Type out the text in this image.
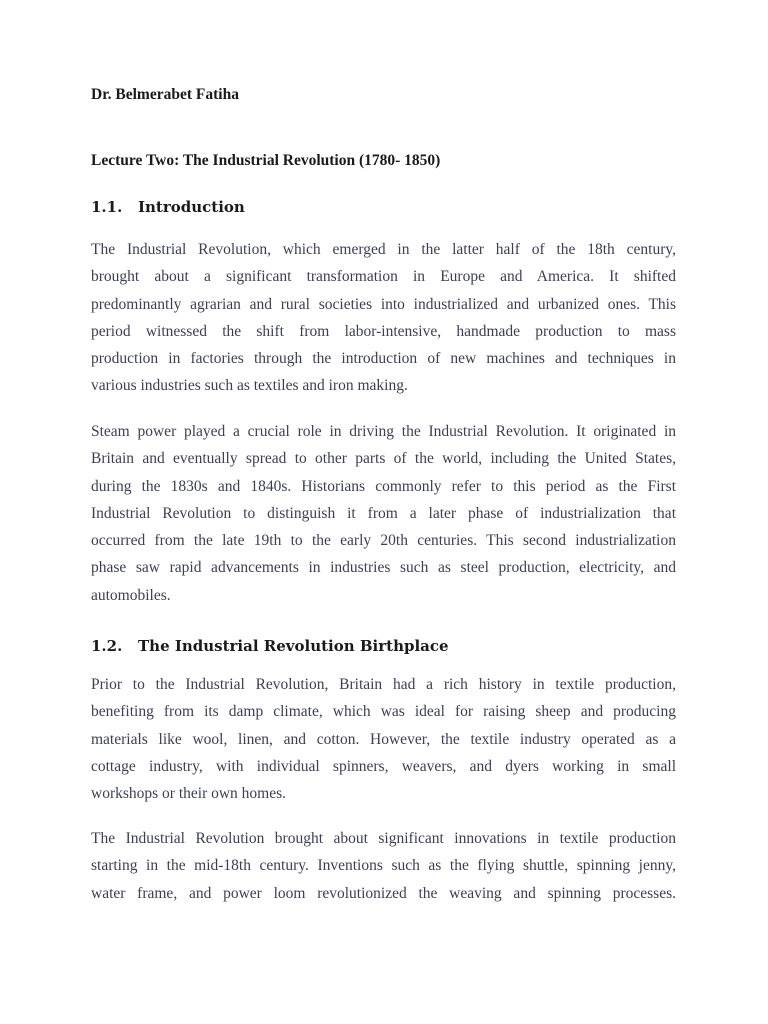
Dr. Belmerabet Fatiha
Lecture Two: The Industrial Revolution (1780- 1850)
1.1. Introduction
The Industrial Revolution, which emerged in the latter half of the 18th century,
brought about a significant transformation in Europe and America. It shifted
predominantly agrarian and rural societies into industrialized and urbanized ones. This
period witnessed the shift from labor-intensive, handmade production to mass
production in factories through the introduction of new machines and techniques in
various industries such as textiles and iron making.
Steam power played a crucial role in driving the Industrial Revolution. It originated in
Britain and eventually spread to other parts of the world, including the United States,
during the 1830s and 1840s. Historians commonly refer to this period as the First
Industrial Revolution to distinguish it from a later phase of industrialization that
occurred from the late 19th to the early 20th centuries. This second industrialization
phase saw rapid advancements in industries such as steel production, electricity, and
automobiles.
1.2. The Industrial Revolution Birthplace
Prior to the Industrial Revolution, Britain had a rich history in textile production,
benefiting from its damp climate, which was ideal for raising sheep and producing
materials like wool, linen, and cotton. However, the textile industry operated as a
cottage industry, with individual spinners, weavers, and dyers working in small
workshops or their own homes.
The Industrial Revolution brought about significant innovations in textile production
starting in the mid-18th century. Inventions such as the flying shuttle, spinning jenny,
water frame, and power loom revolutionized the weaving and spinning processes.
